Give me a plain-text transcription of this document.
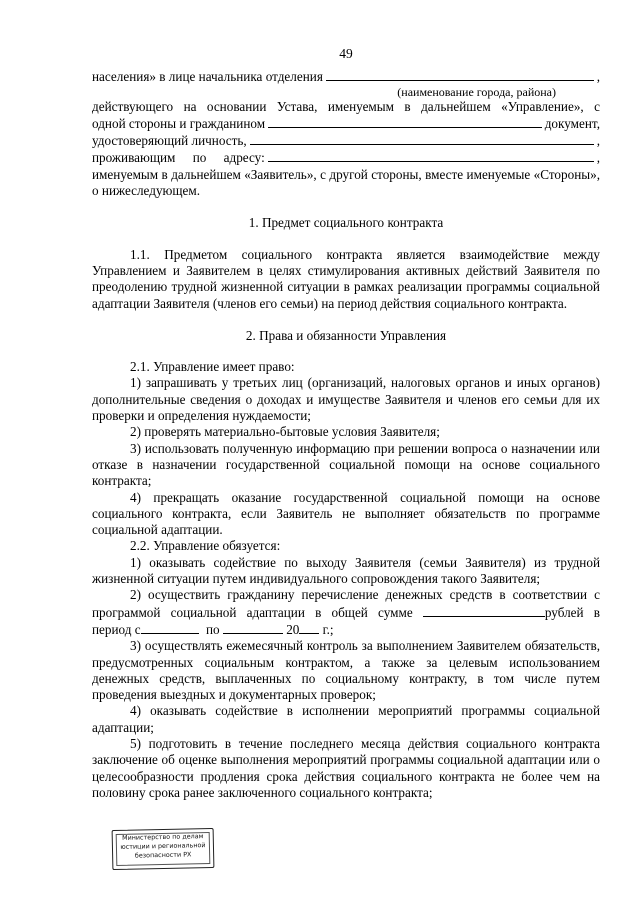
49
населения» в лице начальника отделения	,
(наименование города, района)

действующего на основании Устава, именуемым в дальнейшем «Управление», с

одной стороны и гражданином	документ,
удостоверяющий личность,	,
проживающим по адресу:	,

именуемым в дальнейшем «Заявитель», с другой стороны, вместе именуемые «Стороны», о нижеследующем.

1. Предмет социального контракта

1.1. Предметом социального контракта является взаимодействие между Управлением и Заявителем в целях стимулирования активных действий Заявителя по преодолению трудной жизненной ситуации в рамках реализации программы социальной адаптации Заявителя (членов его семьи) на период действия социального контракта.

2. Права и обязанности Управления

2.1. Управление имеет право:

1) запрашивать у третьих лиц (организаций, налоговых органов и иных органов) дополнительные сведения о доходах и имуществе Заявителя и членов его семьи для их проверки и определения нуждаемости;

2) проверять материально-бытовые условия Заявителя;

3) использовать полученную информацию при решении вопроса о назначении или отказе в назначении государственной социальной помощи на основе социального контракта;

4) прекращать оказание государственной социальной помощи на основе социального контракта, если Заявитель не выполняет обязательств по программе социальной адаптации.

2.2. Управление обязуется:

1) оказывать содействие по выходу Заявителя (семьи Заявителя) из трудной жизненной ситуации путем индивидуального сопровождения такого Заявителя;

2) осуществить гражданину перечисление денежных средств в соответствии с программой социальной адаптации в общей сумме	рублей в

период с	по	20 г.;

3) осуществлять ежемесячный контроль за выполнением Заявителем обязательств, предусмотренных социальным контрактом, а также за целевым использованием денежных средств, выплаченных по социальному контракту, в том числе путем проведения выездных и документарных проверок;

4) оказывать содействие в исполнении мероприятий программы социальной адаптации;

5) подготовить в течение последнего месяца действия социального контракта заключение об оценке выполнения мероприятий программы социальной адаптации или о целесообразности продления срока действия социального контракта не более чем на половину срока ранее заключенного социального контракта;

Министерство по делам
юстиции и региональной
безопасности РХ
